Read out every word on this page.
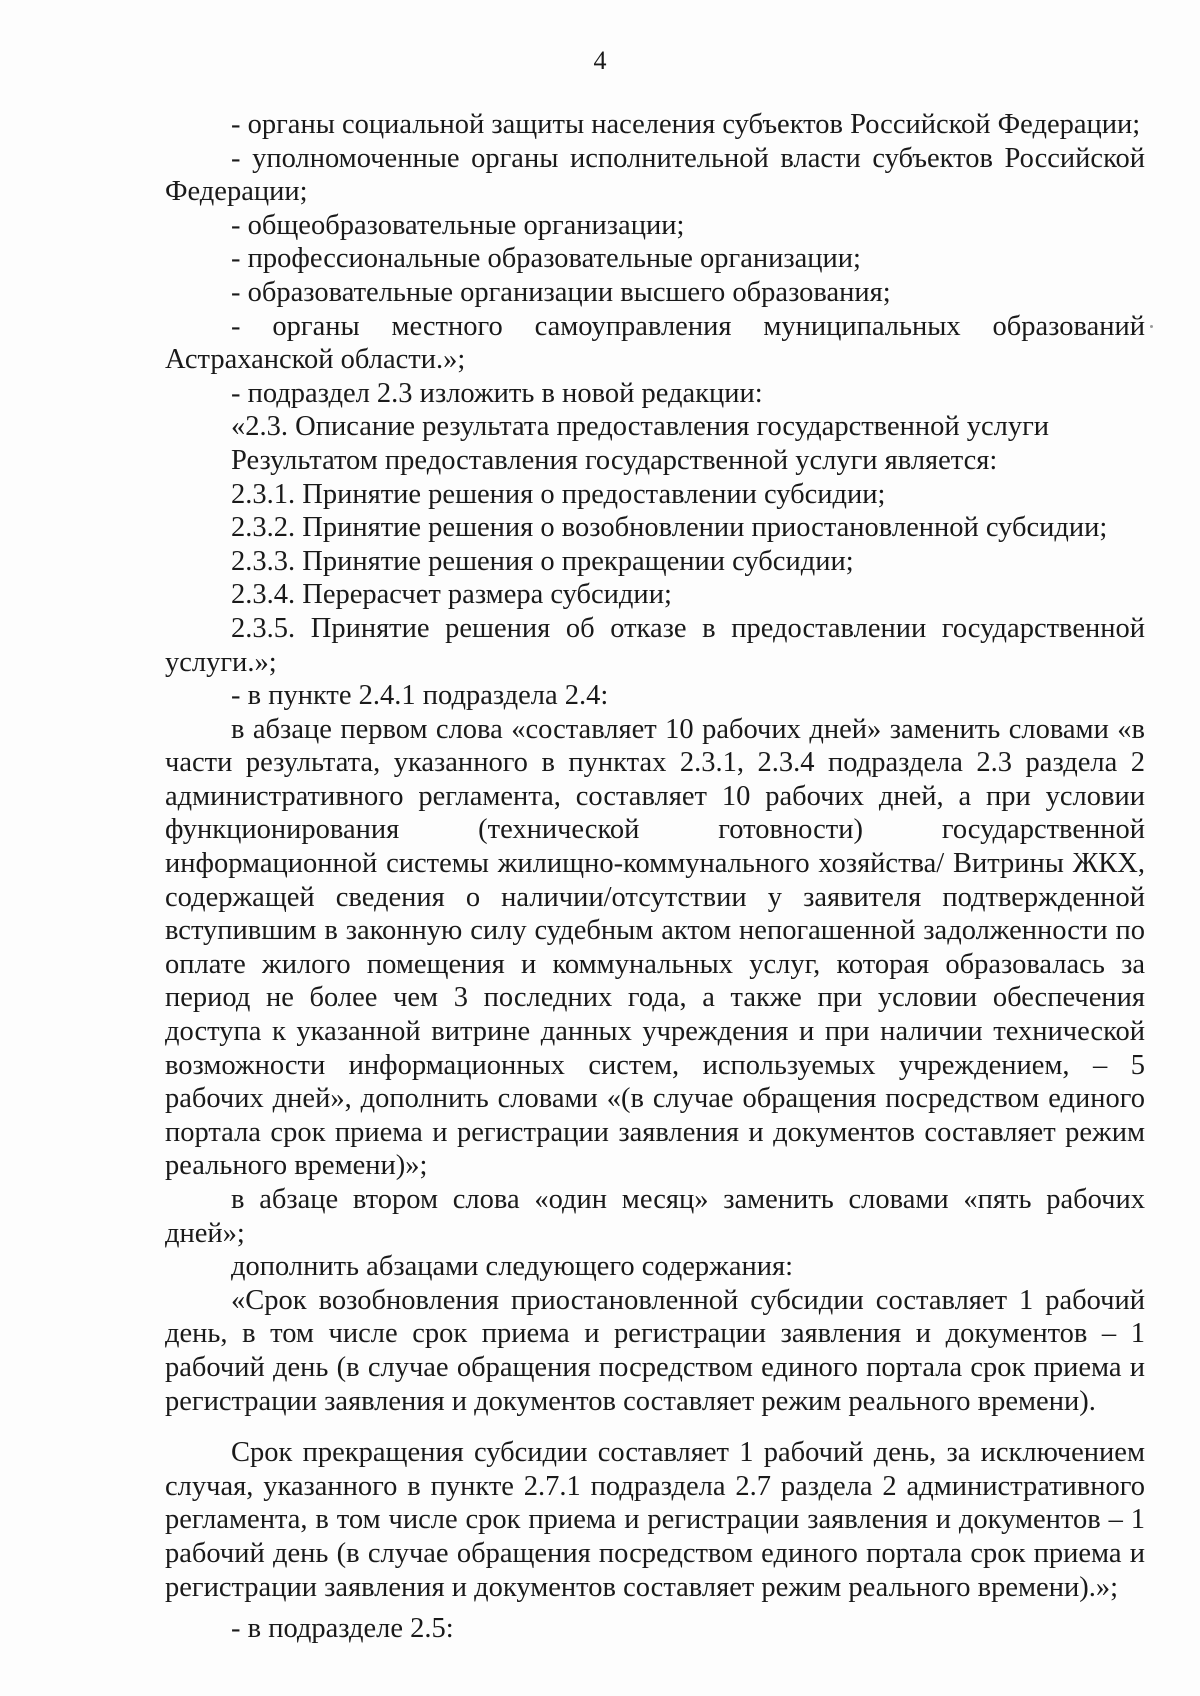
4

- органы социальной защиты населения субъектов Российской Федерации;

- уполномоченные органы исполнительной власти субъектов Российской Федерации;

- общеобразовательные организации;

- профессиональные образовательные организации;

- образовательные организации высшего образования;

- органы местного самоуправления муниципальных образований Астраханской области.»;

- подраздел 2.3 изложить в новой редакции:

«2.3. Описание результата предоставления государственной услуги

Результатом предоставления государственной услуги является:

2.3.1. Принятие решения о предоставлении субсидии;

2.3.2. Принятие решения о возобновлении приостановленной субсидии;

2.3.3. Принятие решения о прекращении субсидии;

2.3.4. Перерасчет размера субсидии;

2.3.5. Принятие решения об отказе в предоставлении государственной услуги.»;

- в пункте 2.4.1 подраздела 2.4:

в абзаце первом слова «составляет 10 рабочих дней» заменить словами «в части результата, указанного в пунктах 2.3.1, 2.3.4 подраздела 2.3 раздела 2 административного регламента, составляет 10 рабочих дней, а при условии функционирования (технической готовности) государственной информационной системы жилищно-коммунального хозяйства/ Витрины ЖКХ, содержащей сведения о наличии/отсутствии у заявителя подтвержденной вступившим в законную силу судебным актом непогашенной задолженности по оплате жилого помещения и коммунальных услуг, которая образовалась за период не более чем 3 последних года, а также при условии обеспечения доступа к указанной витрине данных учреждения и при наличии технической возможности информационных систем, используемых учреждением, – 5 рабочих дней», дополнить словами «(в случае обращения посредством единого портала срок приема и регистрации заявления и документов составляет режим реального времени)»;

в абзаце втором слова «один месяц» заменить словами «пять рабочих дней»;

дополнить абзацами следующего содержания:

«Срок возобновления приостановленной субсидии составляет 1 рабочий день, в том числе срок приема и регистрации заявления и документов – 1 рабочий день (в случае обращения посредством единого портала срок приема и регистрации заявления и документов составляет режим реального времени).

Срок прекращения субсидии составляет 1 рабочий день, за исключением случая, указанного в пункте 2.7.1 подраздела 2.7 раздела 2 административного регламента, в том числе срок приема и регистрации заявления и документов – 1 рабочий день (в случае обращения посредством единого портала срок приема и регистрации заявления и документов составляет режим реального времени).»;

- в подразделе 2.5:
